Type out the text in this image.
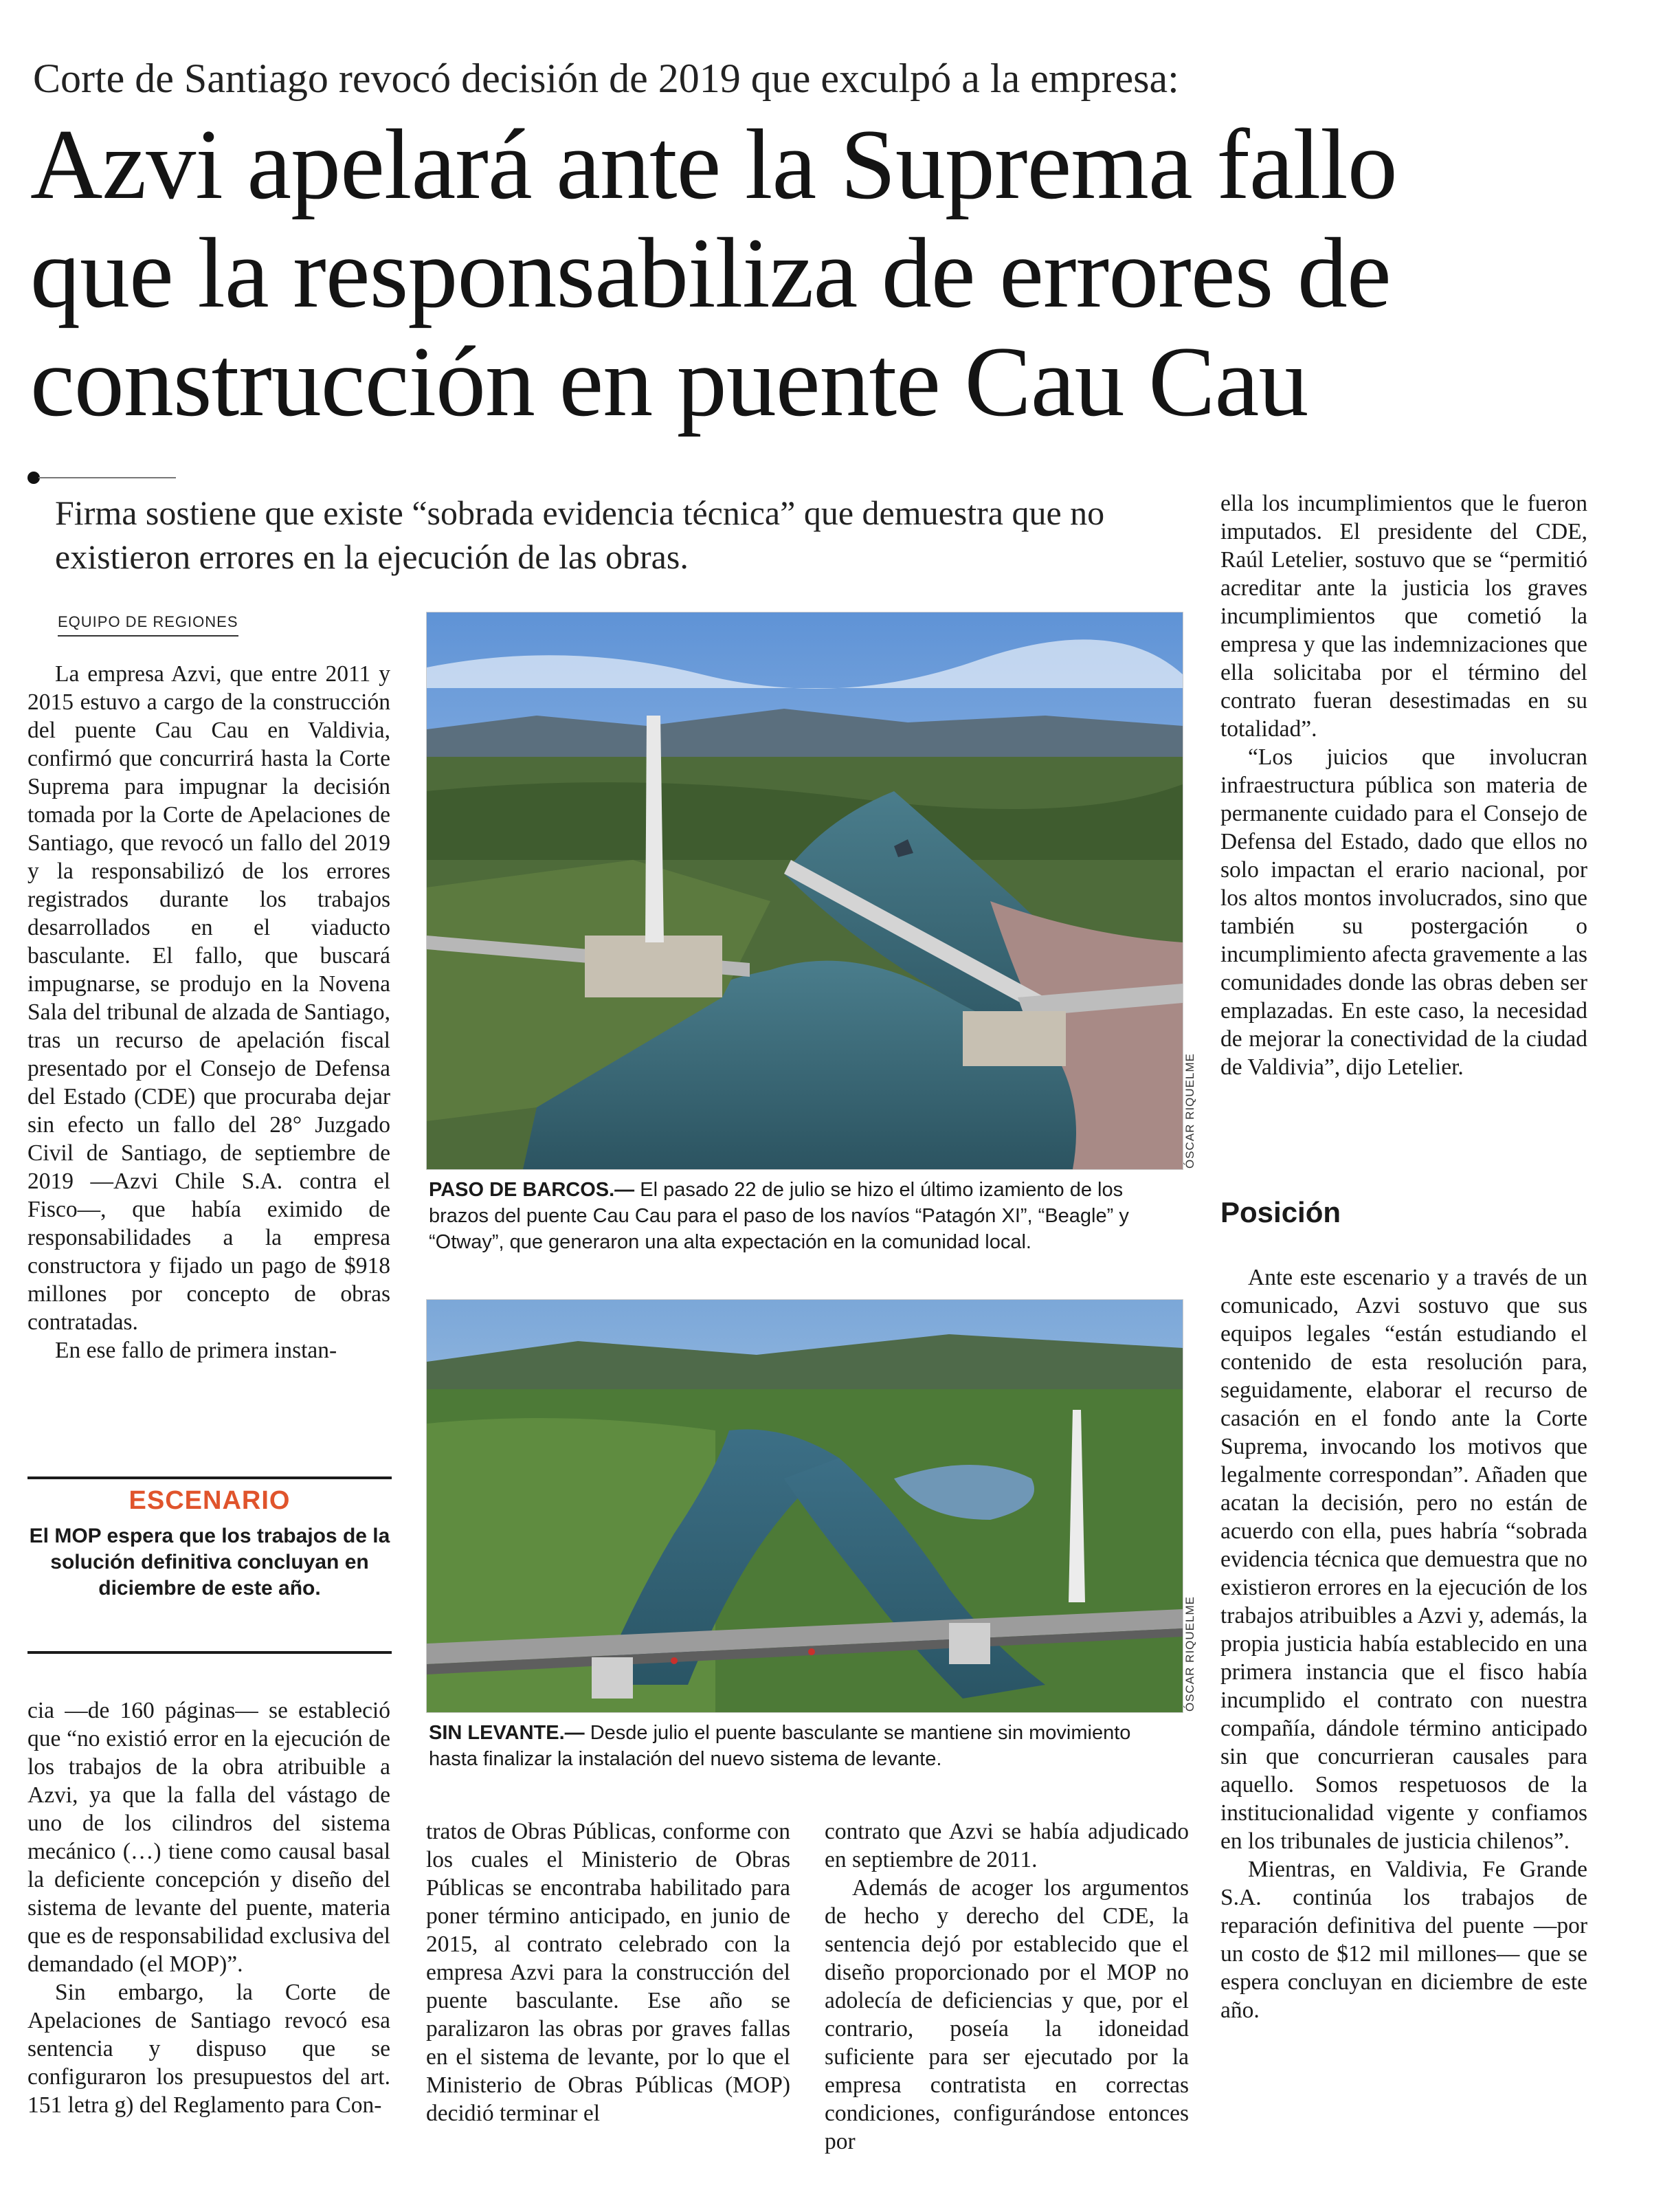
Corte de Santiago revocó decisión de 2019 que exculpó a la empresa:
Azvi apelará ante la Suprema fallo
que la responsabiliza de errores de
construcción en puente Cau Cau
Firma sostiene que existe “sobrada evidencia técnica” que demuestra que no existieron errores en la ejecución de las obras.
EQUIPO DE REGIONES

La empresa Azvi, que entre 2011 y 2015 estuvo a cargo de la construcción del puente Cau Cau en Valdivia, confirmó que concurrirá hasta la Corte Suprema para impugnar la decisión tomada por la Corte de Apelaciones de Santiago, que revocó un fallo del 2019 y la responsabilizó de los errores registrados durante los trabajos desarrollados en el viaducto basculante. El fallo, que buscará impugnarse, se produjo en la Novena Sala del tribunal de alzada de Santiago, tras un recurso de apelación fiscal presentado por el Consejo de Defensa del Estado (CDE) que procuraba dejar sin efecto un fallo del 28° Juzgado Civil de Santiago, de septiembre de 2019 —Azvi Chile S.A. contra el Fisco—, que había eximido de responsabilidades a la empresa constructora y fijado un pago de $918 millones por concepto de obras contratadas.

En ese fallo de primera instan-

ESCENARIO
El MOP espera que los trabajos de la solución definitiva concluyan en diciembre de este año.

cia —de 160 páginas— se estableció que “no existió error en la ejecución de los trabajos de la obra atribuible a Azvi, ya que la falla del vástago de uno de los cilindros del sistema mecánico (…) tiene como causal basal la deficiente concepción y diseño del sistema de levante del puente, materia que es de responsabilidad exclusiva del demandado (el MOP)”.

Sin embargo, la Corte de Apelaciones de Santiago revocó esa sentencia y dispuso que se configuraron los presupuestos del art. 151 letra g) del Reglamento para Con-

ÓSCAR RIQUELME
PASO DE BARCOS.— El pasado 22 de julio se hizo el último izamiento de los brazos del puente Cau Cau para el paso de los navíos “Patagón XI”, “Beagle” y “Otway”, que generaron una alta expectación en la comunidad local.
ÓSCAR RIQUELME
SIN LEVANTE.— Desde julio el puente basculante se mantiene sin movimiento hasta finalizar la instalación del nuevo sistema de levante.

tratos de Obras Públicas, conforme con los cuales el Ministerio de Obras Públicas se encontraba habilitado para poner término anticipado, en junio de 2015, al contrato celebrado con la empresa Azvi para la construcción del puente basculante. Ese año se paralizaron las obras por graves fallas en el sistema de levante, por lo que el Ministerio de Obras Públicas (MOP) decidió terminar el

contrato que Azvi se había adjudicado en septiembre de 2011.

Además de acoger los argumentos de hecho y derecho del CDE, la sentencia dejó por establecido que el diseño proporcionado por el MOP no adolecía de deficiencias y que, por el contrario, poseía la idoneidad suficiente para ser ejecutado por la empresa contratista en correctas condiciones, configurándose entonces por

ella los incumplimientos que le fueron imputados. El presidente del CDE, Raúl Letelier, sostuvo que se “permitió acreditar ante la justicia los graves incumplimientos que cometió la empresa y que las indemnizaciones que ella solicitaba por el término del contrato fueran desestimadas en su totalidad”.

“Los juicios que involucran infraestructura pública son materia de permanente cuidado para el Consejo de Defensa del Estado, dado que ellos no solo impactan el erario nacional, por los altos montos involucrados, sino que también su postergación o incumplimiento afecta gravemente a las comunidades donde las obras deben ser emplazadas. En este caso, la necesidad de mejorar la conectividad de la ciudad de Valdivia”, dijo Letelier.

Posición

Ante este escenario y a través de un comunicado, Azvi sostuvo que sus equipos legales “están estudiando el contenido de esta resolución para, seguidamente, elaborar el recurso de casación en el fondo ante la Corte Suprema, invocando los motivos que legalmente correspondan”. Añaden que acatan la decisión, pero no están de acuerdo con ella, pues habría “sobrada evidencia técnica que demuestra que no existieron errores en la ejecución de los trabajos atribuibles a Azvi y, además, la propia justicia había establecido en una primera instancia que el fisco había incumplido el contrato con nuestra compañía, dándole término anticipado sin que concurrieran causales para aquello. Somos respetuosos de la institucionalidad vigente y confiamos en los tribunales de justicia chilenos”.

Mientras, en Valdivia, Fe Grande S.A. continúa los trabajos de reparación definitiva del puente —por un costo de $12 mil millones— que se espera concluyan en diciembre de este año.
